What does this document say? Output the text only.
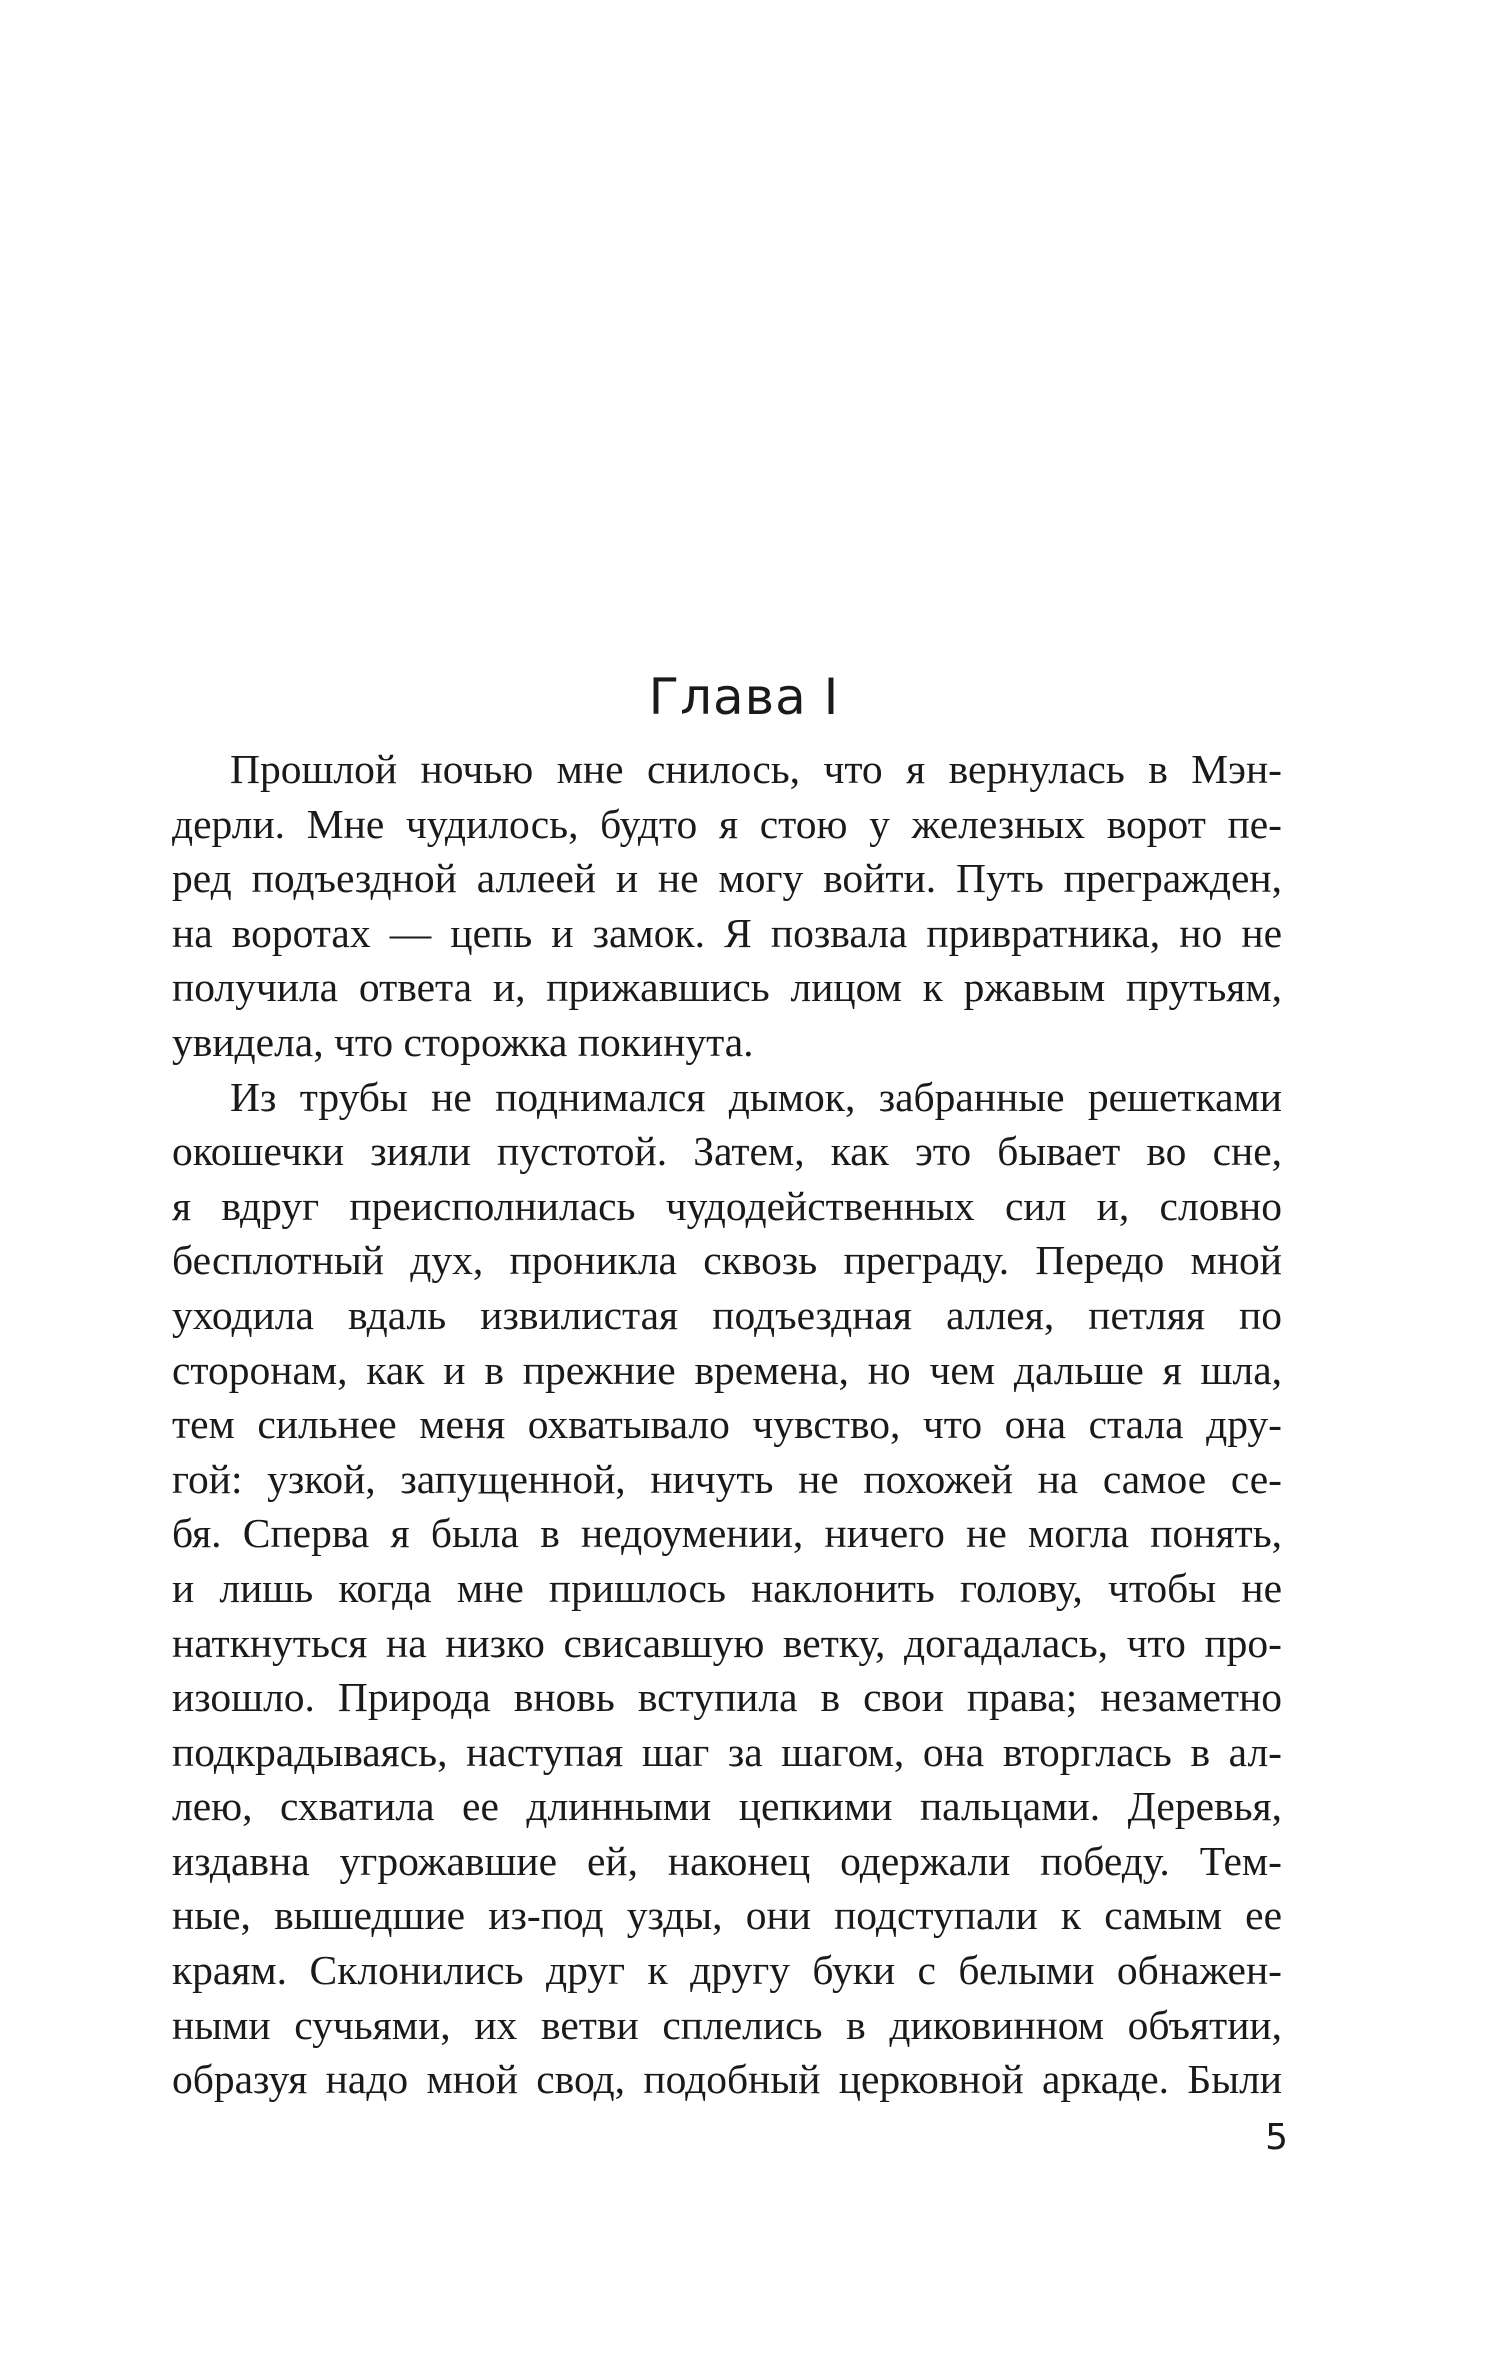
Глава I
Прошлой ночью мне снилось, что я вернулась в Мэн-
дерли. Мне чудилось, будто я стою у железных ворот пе-
ред подъездной аллеей и не могу войти. Путь прегражден,
на воротах — цепь и замок. Я позвала привратника, но не
получила ответа и, прижавшись лицом к ржавым прутьям,
увидела, что сторожка покинута.
Из трубы не поднимался дымок, забранные решетками
окошечки зияли пустотой. Затем, как это бывает во сне,
я вдруг преисполнилась чудодейственных сил и, словно
бесплотный дух, проникла сквозь преграду. Передо мной
уходила вдаль извилистая подъездная аллея, петляя по
сторонам, как и в прежние времена, но чем дальше я шла,
тем сильнее меня охватывало чувство, что она стала дру-
гой: узкой, запущенной, ничуть не похожей на самое се-
бя. Сперва я была в недоумении, ничего не могла понять,
и лишь когда мне пришлось наклонить голову, чтобы не
наткнуться на низко свисавшую ветку, догадалась, что про-
изошло. Природа вновь вступила в свои права; незаметно
подкрадываясь, наступая шаг за шагом, она вторглась в ал-
лею, схватила ее длинными цепкими пальцами. Деревья,
издавна угрожавшие ей, наконец одержали победу. Тем-
ные, вышедшие из-под узды, они подступали к самым ее
краям. Склонились друг к другу буки с белыми обнажен-
ными сучьями, их ветви сплелись в диковинном объятии,
образуя надо мной свод, подобный церковной аркаде. Были
5
